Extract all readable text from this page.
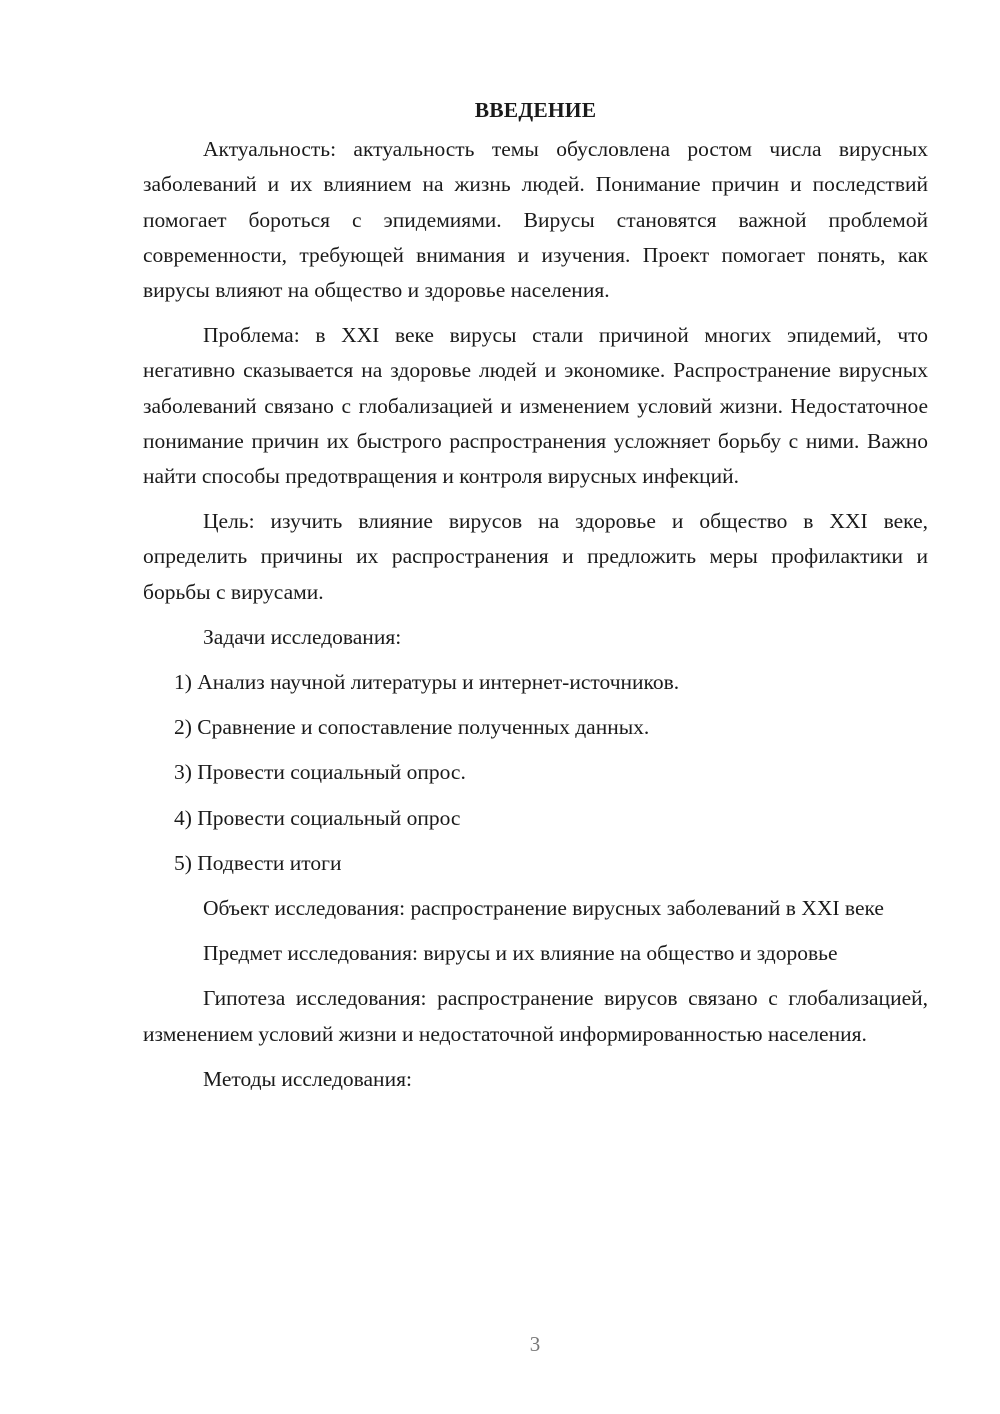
ВВЕДЕНИЕ

Актуальность: актуальность темы обусловлена ростом числа вирусных заболеваний и их влиянием на жизнь людей. Понимание причин и последствий помогает бороться с эпидемиями. Вирусы становятся важной проблемой современности, требующей внимания и изучения. Проект помогает понять, как вирусы влияют на общество и здоровье населения.

Проблема: в XXI веке вирусы стали причиной многих эпидемий, что негативно сказывается на здоровье людей и экономике. Распространение вирусных заболеваний связано с глобализацией и изменением условий жизни. Недостаточное понимание причин их быстрого распространения усложняет борьбу с ними. Важно найти способы предотвращения и контроля вирусных инфекций.

Цель: изучить влияние вирусов на здоровье и общество в XXI веке, определить причины их распространения и предложить меры профилактики и борьбы с вирусами.

Задачи исследования:
1) Анализ научной литературы и интернет-источников.
2) Сравнение и сопоставление полученных данных.
3) Провести социальный опрос.
4) Провести социальный опрос
5) Подвести итоги

Объект исследования: распространение вирусных заболеваний в XXI веке

Предмет исследования: вирусы и их влияние на общество и здоровье

Гипотеза исследования: распространение вирусов связано с глобализацией, изменением условий жизни и недостаточной информированностью населения.

Методы исследования:
3
